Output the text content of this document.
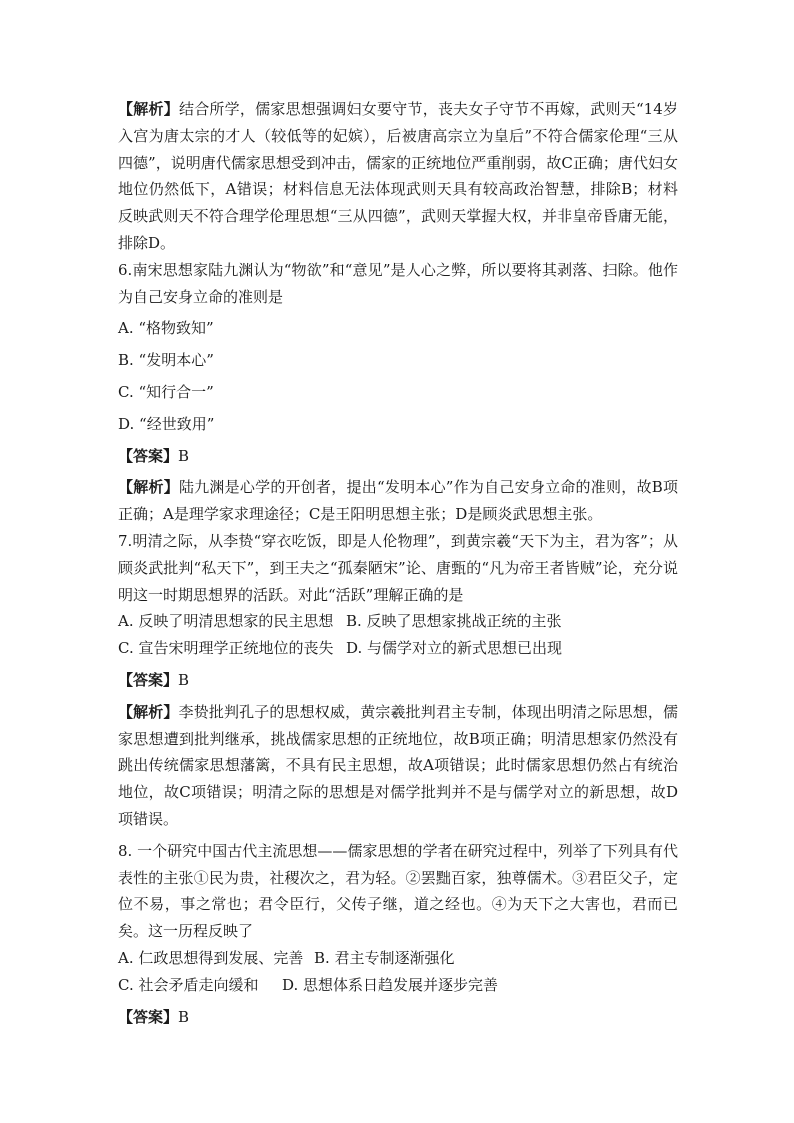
【解析】结合所学，儒家思想强调妇女要守节，丧夫女子守节不再嫁，武则天“14岁入宫为唐太宗的才人（较低等的妃嫔），后被唐高宗立为皇后”不符合儒家伦理“三从四德”，说明唐代儒家思想受到冲击，儒家的正统地位严重削弱，故C正确；唐代妇女地位仍然低下，A错误；材料信息无法体现武则天具有较高政治智慧，排除B；材料反映武则天不符合理学伦理思想“三从四德”，武则天掌握大权，并非皇帝昏庸无能，排除D。

6.南宋思想家陆九渊认为“物欲”和“意见”是人心之弊，所以要将其剥落、扫除。他作为自己安身立命的准则是

A. “格物致知”

B. “发明本心”

C. “知行合一”

D. “经世致用”

【答案】B

【解析】陆九渊是心学的开创者，提出“发明本心”作为自己安身立命的准则，故B项正确；A是理学家求理途径；C是王阳明思想主张；D是顾炎武思想主张。

7.明清之际，从李贽“穿衣吃饭，即是人伦物理”，到黄宗羲“天下为主，君为客”；从顾炎武批判“私天下”，到王夫之“孤秦陋宋”论、唐甄的“凡为帝王者皆贼”论，充分说明这一时期思想界的活跃。对此“活跃”理解正确的是

A. 反映了明清思想家的民主思想 B. 反映了思想家挑战正统的主张
C. 宣告宋明理学正统地位的丧失 D. 与儒学对立的新式思想已出现

【答案】B

【解析】李贽批判孔子的思想权威，黄宗羲批判君主专制，体现出明清之际思想，儒家思想遭到批判继承，挑战儒家思想的正统地位，故B项正确；明清思想家仍然没有跳出传统儒家思想藩篱，不具有民主思想，故A项错误；此时儒家思想仍然占有统治地位，故C项错误；明清之际的思想是对儒学批判并不是与儒学对立的新思想，故D项错误。

8. 一个研究中国古代主流思想——儒家思想的学者在研究过程中，列举了下列具有代表性的主张①民为贵，社稷次之，君为轻。②罢黜百家，独尊儒术。③君臣父子，定位不易，事之常也；君令臣行，父传子继，道之经也。④为天下之大害也，君而已矣。这一历程反映了

A. 仁政思想得到发展、完善 B. 君主专制逐渐强化
C. 社会矛盾走向缓和	D. 思想体系日趋发展并逐步完善

【答案】B
